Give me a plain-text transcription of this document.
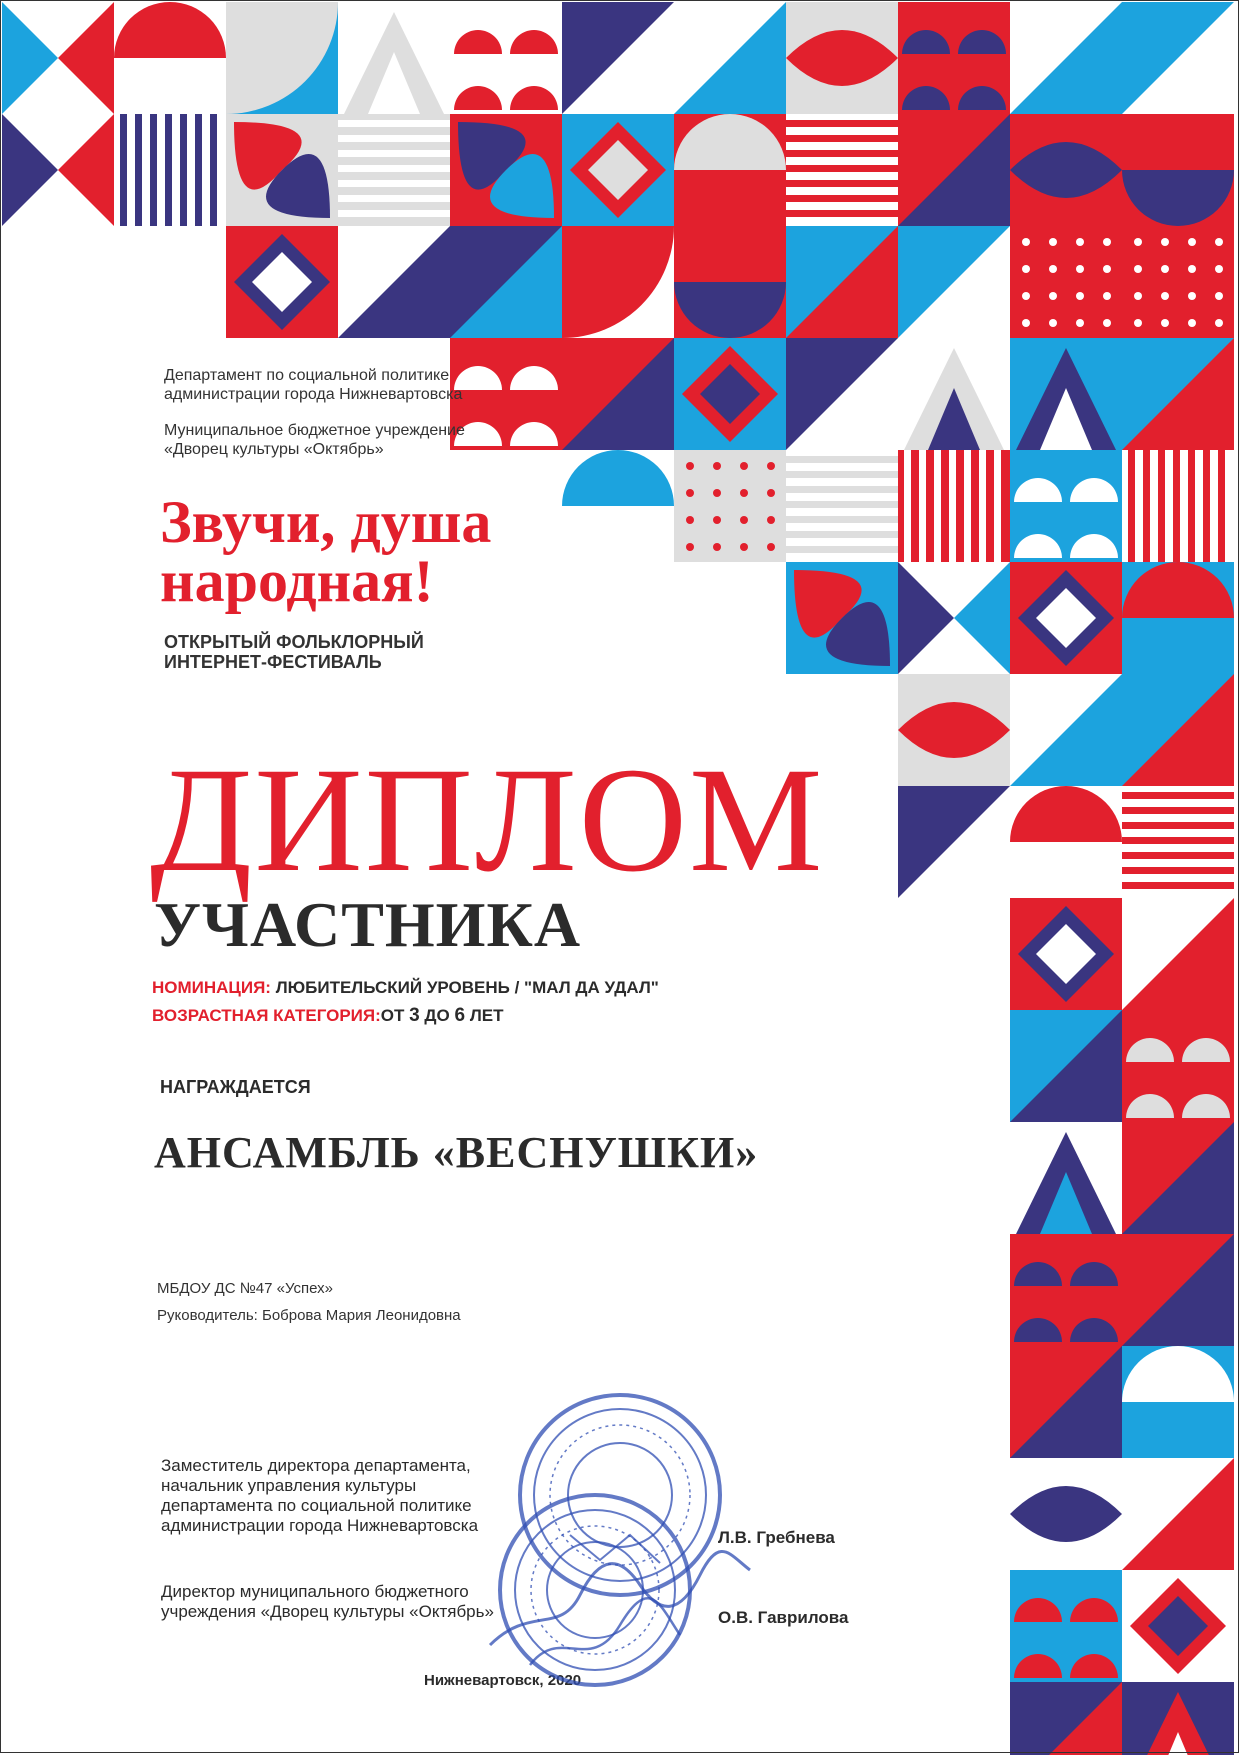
Департамент по социальной политике
администрации города Нижневартовска
Муниципальное бюджетное учреждение
«Дворец культуры «Октябрь»
Звучи, душа
народная!
ОТКРЫТЫЙ ФОЛЬКЛОРНЫЙ
ИНТЕРНЕТ-ФЕСТИВАЛЬ
ДИПЛОМ
УЧАСТНИКА
НОМИНАЦИЯ: ЛЮБИТЕЛЬСКИЙ УРОВЕНЬ / "МАЛ ДА УДАЛ"
ВОЗРАСТНАЯ КАТЕГОРИЯ:ОТ 3 ДО 6 ЛЕТ
НАГРАЖДАЕТСЯ
АНСАМБЛЬ «ВЕСНУШКИ»
МБДОУ ДС №47 «Успех»
Руководитель: Боброва Мария Леонидовна
Заместитель директора департамента,
начальник управления культуры
департамента по социальной политике
администрации города Нижневартовска
Л.В. Гребнева
Директор муниципального бюджетного
учреждения «Дворец культуры «Октябрь»	О.В. Гаврилова
Нижневартовск, 2020
